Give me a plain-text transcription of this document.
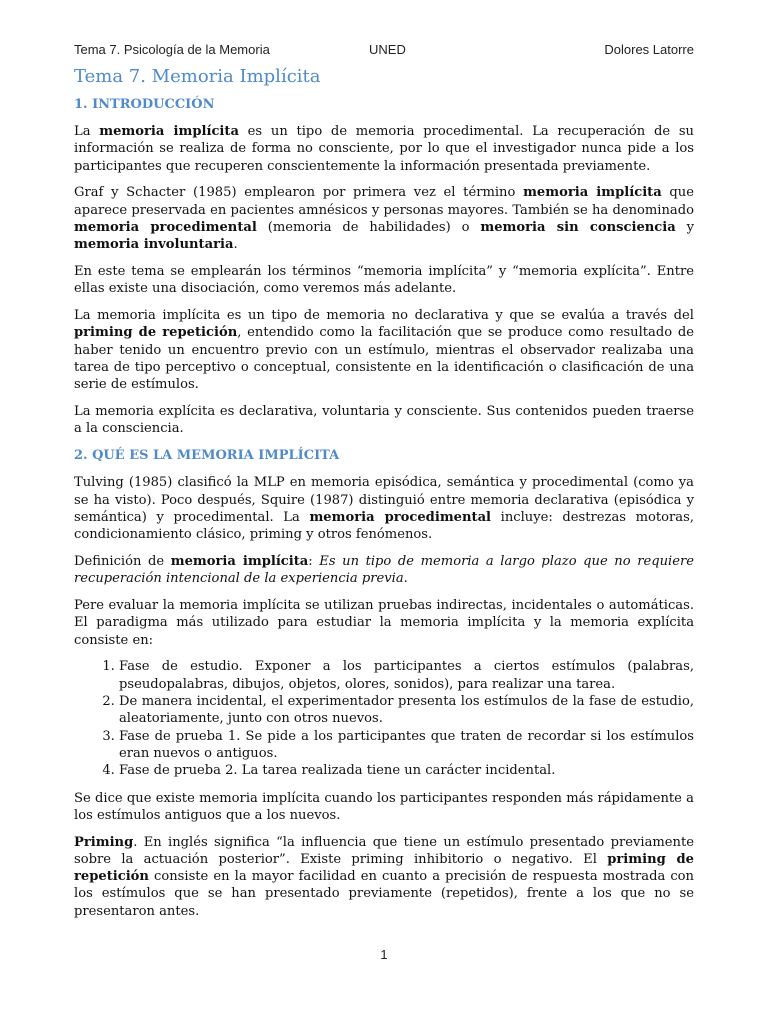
Tema 7. Psicología de la Memoria	UNED	Dolores Latorre
Tema 7. Memoria Implícita
1. INTRODUCCIÓN

La memoria implícita es un tipo de memoria procedimental. La recuperación de su información se realiza de forma no consciente, por lo que el investigador nunca pide a los participantes que recuperen conscientemente la información presentada previamente.

Graf y Schacter (1985) emplearon por primera vez el término memoria implícita que aparece preservada en pacientes amnésicos y personas mayores. También se ha denominado memoria procedimental (memoria de habilidades) o memoria sin consciencia y memoria involuntaria.

En este tema se emplearán los términos “memoria implícita” y “memoria explícita”. Entre ellas existe una disociación, como veremos más adelante.

La memoria implícita es un tipo de memoria no declarativa y que se evalúa a través del priming de repetición, entendido como la facilitación que se produce como resultado de haber tenido un encuentro previo con un estímulo, mientras el observador realizaba una tarea de tipo perceptivo o conceptual, consistente en la identificación o clasificación de una serie de estímulos.

La memoria explícita es declarativa, voluntaria y consciente. Sus contenidos pueden traerse a la consciencia.

2. QUÉ ES LA MEMORIA IMPLÍCITA

Tulving (1985) clasificó la MLP en memoria episódica, semántica y procedimental (como ya se ha visto). Poco después, Squire (1987) distinguió entre memoria declarativa (episódica y semántica) y procedimental. La memoria procedimental incluye: destrezas motoras, condicionamiento clásico, priming y otros fenómenos.

Definición de memoria implícita: Es un tipo de memoria a largo plazo que no requiere recuperación intencional de la experiencia previa.

Pere evaluar la memoria implícita se utilizan pruebas indirectas, incidentales o automáticas. El paradigma más utilizado para estudiar la memoria implícita y la memoria explícita consiste en:

1. Fase de estudio. Exponer a los participantes a ciertos estímulos (palabras, pseudopalabras, dibujos, objetos, olores, sonidos), para realizar una tarea.
2. De manera incidental, el experimentador presenta los estímulos de la fase de estudio, aleatoriamente, junto con otros nuevos.
3. Fase de prueba 1. Se pide a los participantes que traten de recordar si los estímulos eran nuevos o antiguos.
4. Fase de prueba 2. La tarea realizada tiene un carácter incidental.

Se dice que existe memoria implícita cuando los participantes responden más rápidamente a los estímulos antiguos que a los nuevos.

Priming. En inglés significa “la influencia que tiene un estímulo presentado previamente sobre la actuación posterior”. Existe priming inhibitorio o negativo. El priming de repetición consiste en la mayor facilidad en cuanto a precisión de respuesta mostrada con los estímulos que se han presentado previamente (repetidos), frente a los que no se presentaron antes.

1
